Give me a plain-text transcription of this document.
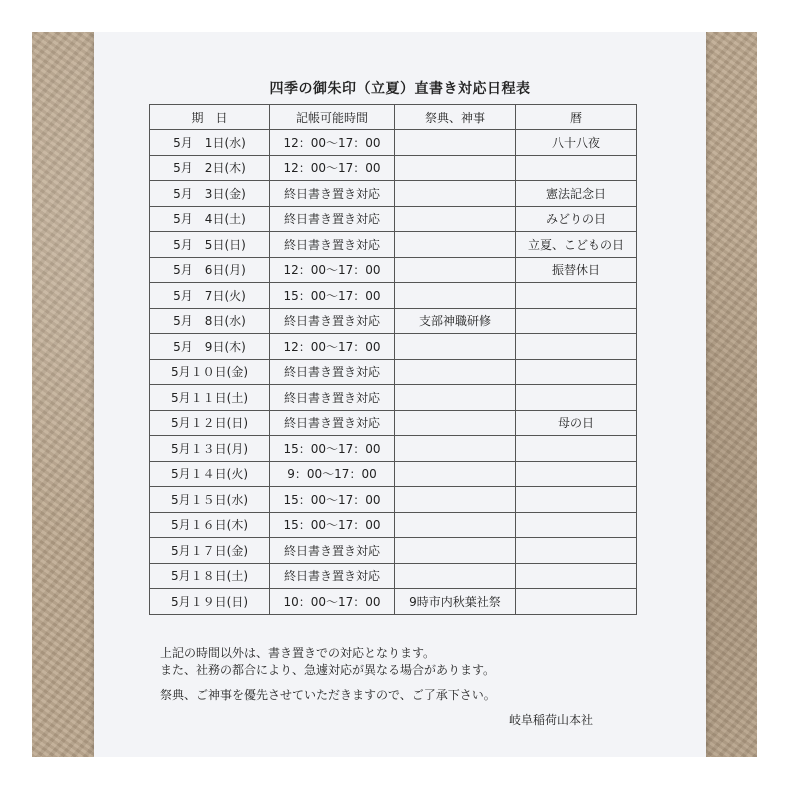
四季の御朱印（立夏）直書き対応日程表
期　日	記帳可能時間	祭典、神事	暦
5月　1日(水)	12：00〜17：00		八十八夜
5月　2日(木)	12：00〜17：00		
5月　3日(金)	終日書き置き対応		憲法記念日
5月　4日(土)	終日書き置き対応		みどりの日
5月　5日(日)	終日書き置き対応		立夏、こどもの日
5月　6日(月)	12：00〜17：00		振替休日
5月　7日(火)	15：00〜17：00		
5月　8日(水)	終日書き置き対応	支部神職研修	
5月　9日(木)	12：00〜17：00		
5月１０日(金)	終日書き置き対応		
5月１１日(土)	終日書き置き対応		
5月１２日(日)	終日書き置き対応		母の日
5月１３日(月)	15：00〜17：00		
5月１４日(火)	9：00〜17：00		
5月１５日(水)	15：00〜17：00		
5月１６日(木)	15：00〜17：00		
5月１７日(金)	終日書き置き対応		
5月１８日(土)	終日書き置き対応		
5月１９日(日)	10：00〜17：00	9時市内秋葉社祭	

上記の時間以外は、書き置きでの対応となります。

また、社務の都合により、急遽対応が異なる場合があります。

祭典、ご神事を優先させていただきますので、ご了承下さい。

岐阜稲荷山本社
